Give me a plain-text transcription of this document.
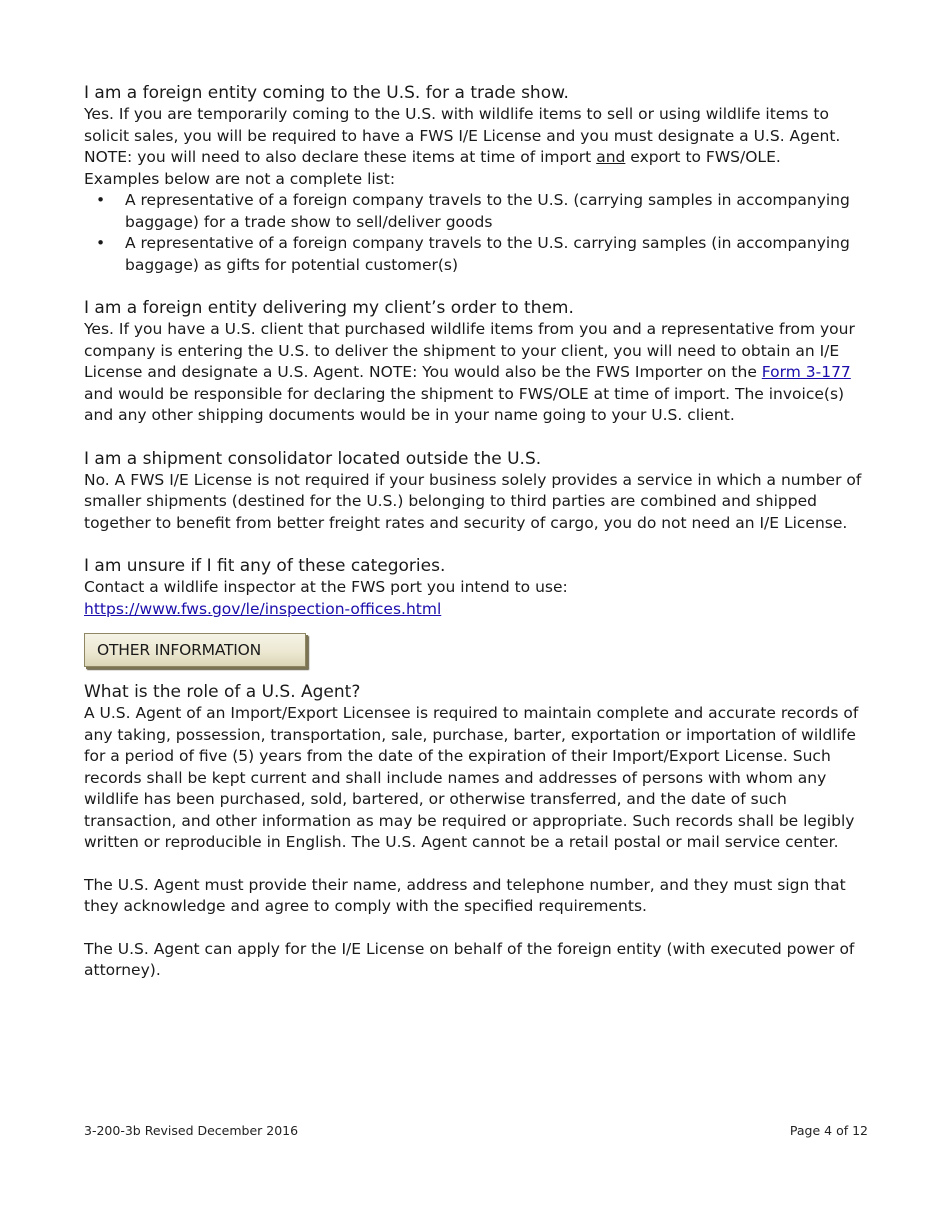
I am a foreign entity coming to the U.S. for a trade show.

Yes. If you are temporarily coming to the U.S. with wildlife items to sell or using wildlife items to solicit sales, you will be required to have a FWS I/E License and you must designate a U.S. Agent. NOTE: you will need to also declare these items at time of import and export to FWS/OLE.

Examples below are not a complete list:

• A representative of a foreign company travels to the U.S. (carrying samples in accompanying baggage) for a trade show to sell/deliver goods
• A representative of a foreign company travels to the U.S. carrying samples (in accompanying baggage) as gifts for potential customer(s)
I am a foreign entity delivering my client’s order to them.

Yes. If you have a U.S. client that purchased wildlife items from you and a representative from your company is entering the U.S. to deliver the shipment to your client, you will need to obtain an I/E License and designate a U.S. Agent. NOTE: You would also be the FWS Importer on the Form 3-177 and would be responsible for declaring the shipment to FWS/OLE at time of import. The invoice(s) and any other shipping documents would be in your name going to your U.S. client.

I am a shipment consolidator located outside the U.S.

No. A FWS I/E License is not required if your business solely provides a service in which a number of smaller shipments (destined for the U.S.) belonging to third parties are combined and shipped together to benefit from better freight rates and security of cargo, you do not need an I/E License.

I am unsure if I fit any of these categories.

Contact a wildlife inspector at the FWS port you intend to use:

https://www.fws.gov/le/inspection-offices.html

OTHER INFORMATION
What is the role of a U.S. Agent?

A U.S. Agent of an Import/Export Licensee is required to maintain complete and accurate records of any taking, possession, transportation, sale, purchase, barter, exportation or importation of wildlife for a period of five (5) years from the date of the expiration of their Import/Export License. Such records shall be kept current and shall include names and addresses of persons with whom any wildlife has been purchased, sold, bartered, or otherwise transferred, and the date of such transaction, and other information as may be required or appropriate. Such records shall be legibly written or reproducible in English. The U.S. Agent cannot be a retail postal or mail service center.

The U.S. Agent must provide their name, address and telephone number, and they must sign that they acknowledge and agree to comply with the specified requirements.

The U.S. Agent can apply for the I/E License on behalf of the foreign entity (with executed power of attorney).

3-200-3b Revised December 2016	Page 4 of 12
